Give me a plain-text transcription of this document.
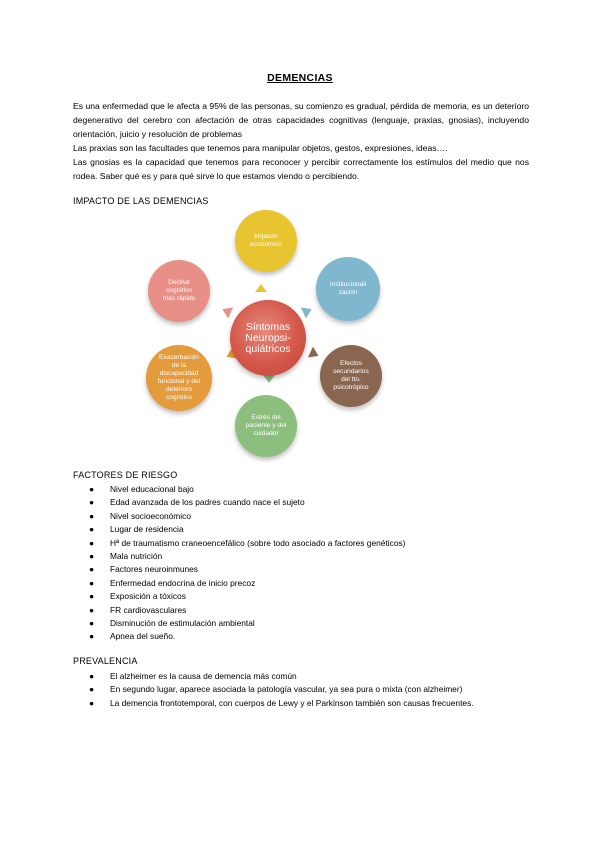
DEMENCIAS

Es una enfermedad que le afecta a 95% de las personas, su comienzo es gradual, pérdida de memoria, es un deterioro degenerativo del cerebro con afectación de otras capacidades cognitivas (lenguaje, praxias, gnosias), incluyendo orientación, juicio y resolución de problemas

Las praxias son las facultades que tenemos para manipular objetos, gestos, expresiones, ideas….

Las gnosias es la capacidad que tenemos para reconocer y percibir correctamente los estímulos del medio que nos rodea. Saber qué es y para qué sirve lo que estamos viendo o percibiendo.

IMPACTO DE LAS DEMENCIAS
Síntomas Neuropsi-quiátricos
Impacto económico
Institucionali zación
Efectos secundarios del tto. psicotrópico
Estrés del paciente y del cuidador
Exacerbación de la discapacidad funcional y del deterioro cognitivo
Declive cognitivo más rápido
FACTORES DE RIESGO
● Nivel educacional bajo
● Edad avanzada de los padres cuando nace el sujeto
● Nivel socioeconómico
● Lugar de residencia
● Hª de traumatismo craneoencefálico (sobre todo asociado a factores genéticos)
● Mala nutrición
● Factores neuroinmunes
● Enfermedad endocrina de inicio precoz
● Exposición a tóxicos
● FR cardiovasculares
● Disminución de estimulación ambiental
● Apnea del sueño.
PREVALENCIA
● El alzheimer es la causa de demencia más común
● En segundo lugar, aparece asociada la patología vascular, ya sea pura o mixta (con alzheimer)
● La demencia frontotemporal, con cuerpos de Lewy y el Parkinson también son causas frecuentes.
